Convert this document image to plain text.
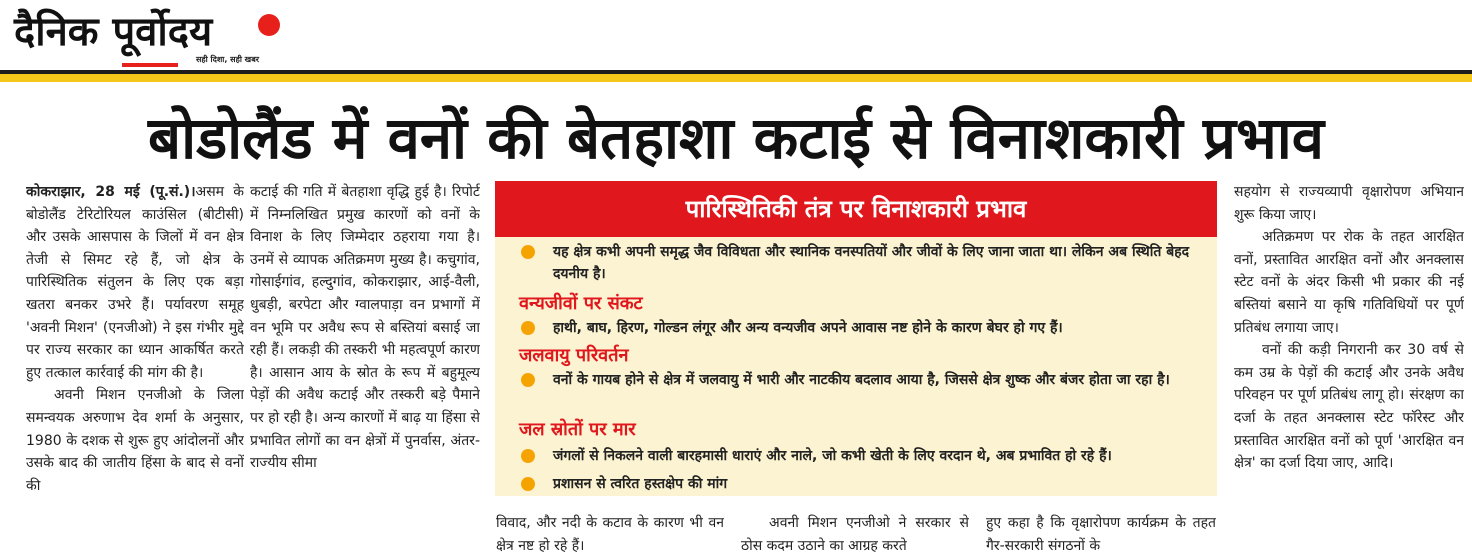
दैनिक पूर्वोदय
सही दिशा, सही खबर
बोडोलैंड में वनों की बेतहाशा कटाई से विनाशकारी प्रभाव

कोकराझार, 28 मई (पू.सं.)।असम के बोडोलैंड टेरिटोरियल काउंसिल (बीटीसी) और उसके आसपास के जिलों में वन क्षेत्र तेजी से सिमट रहे हैं, जो क्षेत्र के पारिस्थितिक संतुलन के लिए एक बड़ा खतरा बनकर उभरे हैं। पर्यावरण समूह 'अवनी मिशन' (एनजीओ) ने इस गंभीर मुद्दे पर राज्य सरकार का ध्यान आकर्षित करते हुए तत्काल कार्रवाई की मांग की है।

अवनी मिशन एनजीओ के जिला समन्वयक अरुणाभ देव शर्मा के अनुसार, 1980 के दशक से शुरू हुए आंदोलनों और उसके बाद की जातीय हिंसा के बाद से वनों की

कटाई की गति में बेतहाशा वृद्धि हुई है। रिपोर्ट में निम्नलिखित प्रमुख कारणों को वनों के विनाश के लिए जिम्मेदार ठहराया गया है। उनमें से व्यापक अतिक्रमण मुख्य है। कचुगांव, गोसाईगांव, हल्दुगांव, कोकराझार, आई-वैली, धुबड़ी, बरपेटा और ग्वालपाड़ा वन प्रभागों में वन भूमि पर अवैध रूप से बस्तियां बसाई जा रही हैं। लकड़ी की तस्करी भी महत्वपूर्ण कारण है। आसान आय के स्रोत के रूप में बहुमूल्य पेड़ों की अवैध कटाई और तस्करी बड़े पैमाने पर हो रही है। अन्य कारणों में बाढ़ या हिंसा से प्रभावित लोगों का वन क्षेत्रों में पुनर्वास, अंतर-राज्यीय सीमा

पारिस्थितिकी तंत्र पर विनाशकारी प्रभाव
यह क्षेत्र कभी अपनी समृद्ध जैव विविधता और स्थानिक वनस्पतियों और जीवों के लिए जाना जाता था। लेकिन अब स्थिति बेहद दयनीय है।
वन्यजीवों पर संकट
हाथी, बाघ, हिरण, गोल्डन लंगूर और अन्य वन्यजीव अपने आवास नष्ट होने के कारण बेघर हो गए हैं।
जलवायु परिवर्तन
वनों के गायब होने से क्षेत्र में जलवायु में भारी और नाटकीय बदलाव आया है, जिससे क्षेत्र शुष्क और बंजर होता जा रहा है।
जल स्रोतों पर मार
जंगलों से निकलने वाली बारहमासी धाराएं और नाले, जो कभी खेती के लिए वरदान थे, अब प्रभावित हो रहे हैं।
प्रशासन से त्वरित हस्तक्षेप की मांग

विवाद, और नदी के कटाव के कारण भी वन क्षेत्र नष्ट हो रहे हैं।

अवनी मिशन एनजीओ ने सरकार से ठोस कदम उठाने का आग्रह करते

हुए कहा है कि वृक्षारोपण कार्यक्रम के तहत गैर-सरकारी संगठनों के

सहयोग से राज्यव्यापी वृक्षारोपण अभियान शुरू किया जाए।

अतिक्रमण पर रोक के तहत आरक्षित वनों, प्रस्तावित आरक्षित वनों और अनक्लास स्टेट वनों के अंदर किसी भी प्रकार की नई बस्तियां बसाने या कृषि गतिविधियों पर पूर्ण प्रतिबंध लगाया जाए।

वनों की कड़ी निगरानी कर 30 वर्ष से कम उम्र के पेड़ों की कटाई और उनके अवैध परिवहन पर पूर्ण प्रतिबंध लागू हो। संरक्षण का दर्जा के तहत अनक्लास स्टेट फॉरेस्ट और प्रस्तावित आरक्षित वनों को पूर्ण 'आरक्षित वन क्षेत्र' का दर्जा दिया जाए, आदि।
